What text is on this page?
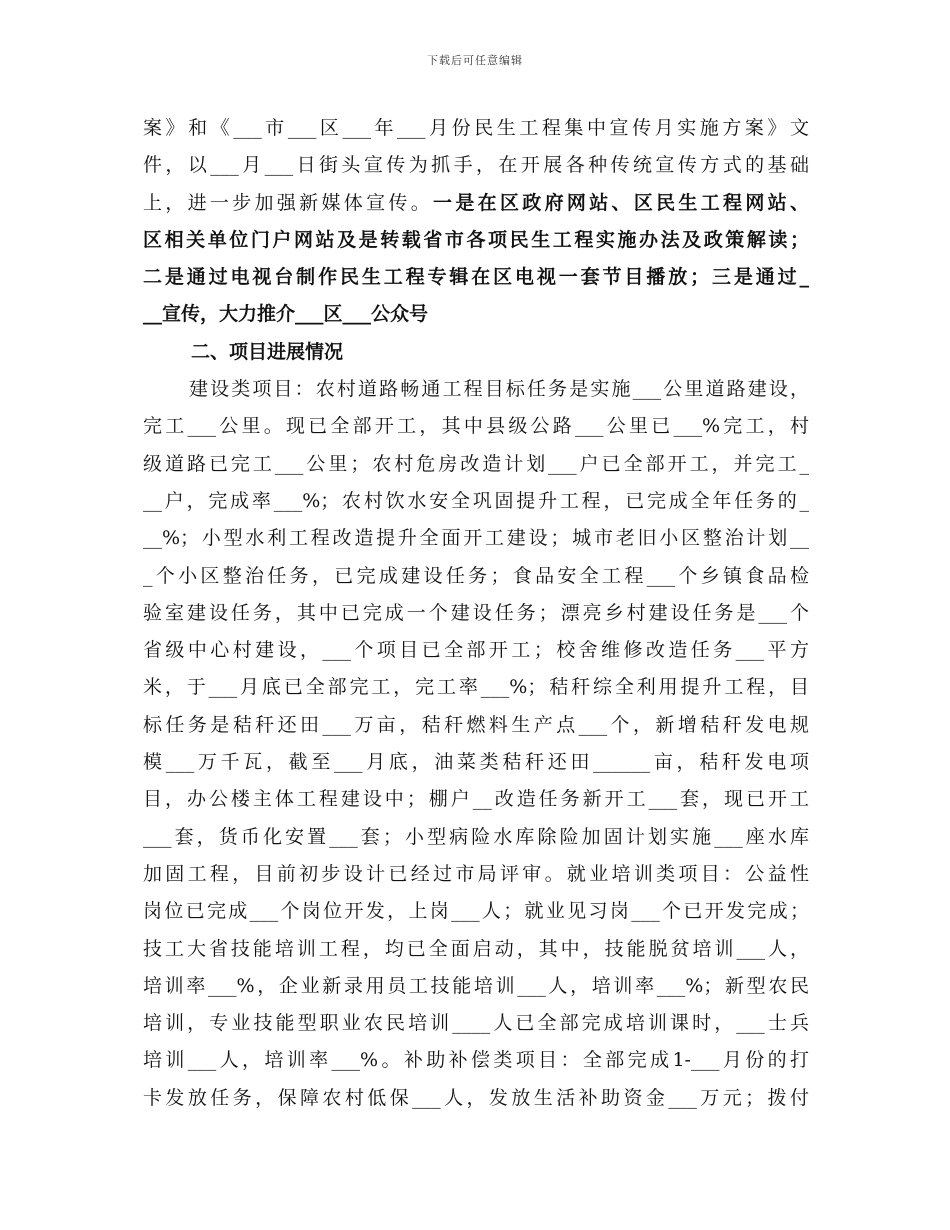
下载后可任意编辑
案》和《___市___区___年___月份民生工程集中宣传月实施方案》文
件，以___月___日街头宣传为抓手，在开展各种传统宣传方式的基础
上，进一步加强新媒体宣传。一是在区政府网站、区民生工程网站、
区相关单位门户网站及是转载省市各项民生工程实施办法及政策解读；
二是通过电视台制作民生工程专辑在区电视一套节目播放；三是通过_
__宣传，大力推介___区___公众号
二、项目进展情况
建设类项目：农村道路畅通工程目标任务是实施___公里道路建设，
完工___公里。现已全部开工，其中县级公路___公里已___%完工，村
级道路已完工___公里；农村危房改造计划___户已全部开工，并完工_
__户，完成率___%；农村饮水安全巩固提升工程，已完成全年任务的_
__%；小型水利工程改造提升全面开工建设；城市老旧小区整治计划__
_个小区整治任务，已完成建设任务；食品安全工程___个乡镇食品检
验室建设任务，其中已完成一个建设任务；漂亮乡村建设任务是___个
省级中心村建设，___个项目已全部开工；校舍维修改造任务___平方
米，于___月底已全部完工，完工率___%；秸秆综全利用提升工程，目
标任务是秸秆还田___万亩，秸秆燃料生产点___个，新增秸秆发电规
模___万千瓦，截至___月底，油菜类秸秆还田______亩，秸秆发电项
目，办公楼主体工程建设中；棚户__改造任务新开工___套，现已开工
___套，货币化安置___套；小型病险水库除险加固计划实施___座水库
加固工程，目前初步设计已经过市局评审。就业培训类项目：公益性
岗位已完成___个岗位开发，上岗___人；就业见习岗___个已开发完成；
技工大省技能培训工程，均已全面启动，其中，技能脱贫培训___人，
培训率___%，企业新录用员工技能培训___人，培训率___%；新型农民
培训，专业技能型职业农民培训____人已全部完成培训课时，___士兵
培训___人，培训率___%。补助补偿类项目：全部完成1-___月份的打
卡发放任务，保障农村低保___人，发放生活补助资金___万元；拨付
